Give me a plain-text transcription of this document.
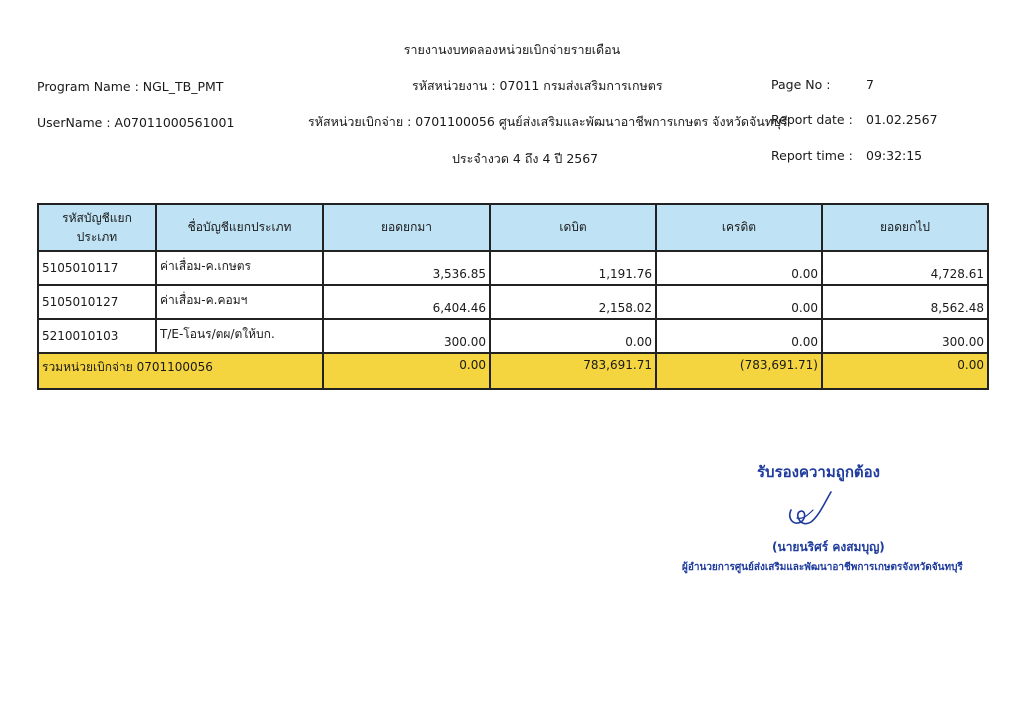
รายงานงบทดลองหน่วยเบิกจ่ายรายเดือน
Program Name : NGL_TB_PMT
UserName : A07011000561001
รหัสหน่วยงาน : 07011 กรมส่งเสริมการเกษตร
รหัสหน่วยเบิกจ่าย : 0701100056 ศูนย์ส่งเสริมและพัฒนาอาชีพการเกษตร จังหวัดจันทบุรี
ประจำงวด 4 ถึง 4 ปี 2567
Page No :	7
Report date : 01.02.2567
Report time : 09:32:15
รหัสบัญชีแยกประเภท	ชื่อบัญชีแยกประเภท	ยอดยกมา	เดบิต	เครดิต	ยอดยกไป
5105010117	ค่าเสื่อม-ค.เกษตร	3,536.85	1,191.76	0.00	4,728.61
5105010127	ค่าเสื่อม-ค.คอมฯ	6,404.46	2,158.02	0.00	8,562.48
5210010103	T/E-โอนร/ตผ/ตให้บก.	300.00	0.00	0.00	300.00
รวมหน่วยเบิกจ่าย 0701100056		0.00	783,691.71	(783,691.71)	0.00
รับรองความถูกต้อง
(นายนริศร์ คงสมบุญ)
ผู้อำนวยการศูนย์ส่งเสริมและพัฒนาอาชีพการเกษตรจังหวัดจันทบุรี
